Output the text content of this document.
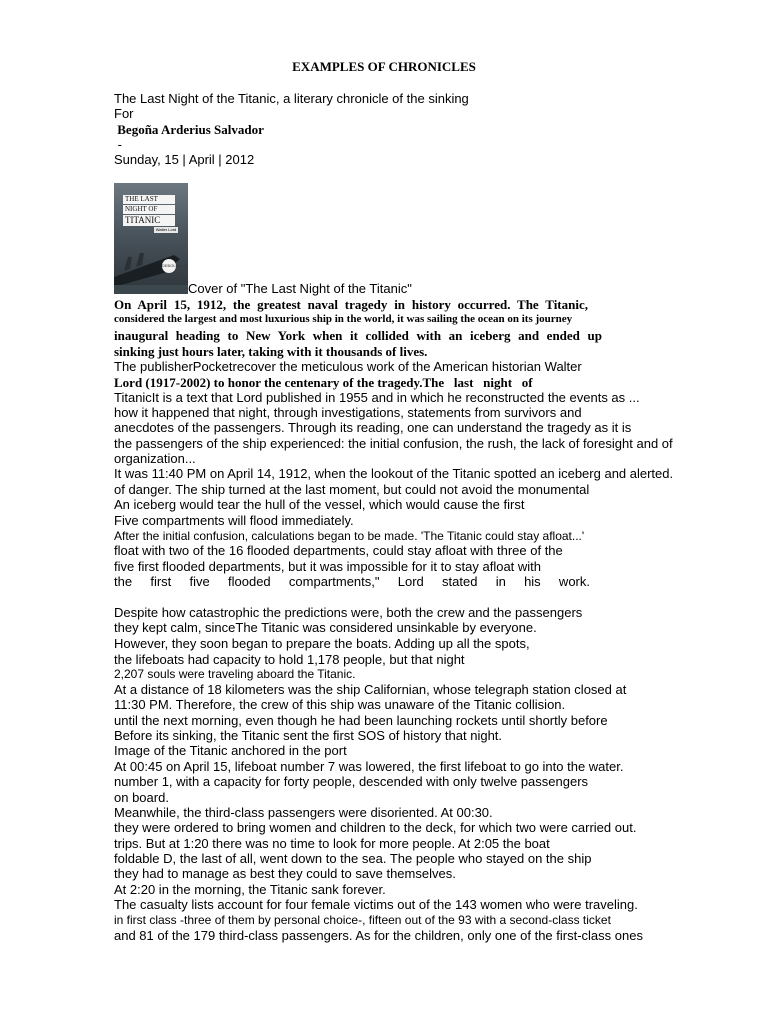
EXAMPLES OF CHRONICLES
The Last Night of the Titanic, a literary chronicle of the sinking
For
Begoña Arderius Salvador
-
Sunday, 15 | April | 2012
THE LAST
NIGHT OF
TITANIC
Walter Lord
DEBOLS!LLO
Cover of "The Last Night of the Titanic"
On April 15, 1912, the greatest naval tragedy in history occurred. The Titanic,
considered the largest and most luxurious ship in the world, it was sailing the ocean on its journey
inaugural heading to New York when it collided with an iceberg and ended up
sinking just hours later, taking with it thousands of lives.
The publisherPocketrecover the meticulous work of the American historian Walter
Lord (1917-2002) to honor the centenary of the tragedy.The   last   night   of
TitanicIt is a text that Lord published in 1955 and in which he reconstructed the events as ...
how it happened that night, through investigations, statements from survivors and
anecdotes of the passengers. Through its reading, one can understand the tragedy as it is
the passengers of the ship experienced: the initial confusion, the rush, the lack of foresight and of
organization...
It was 11:40 PM on April 14, 1912, when the lookout of the Titanic spotted an iceberg and alerted.
of danger. The ship turned at the last moment, but could not avoid the monumental
An iceberg would tear the hull of the vessel, which would cause the first
Five compartments will flood immediately.
After the initial confusion, calculations began to be made. 'The Titanic could stay afloat...'
float with two of the 16 flooded departments, could stay afloat with three of the
five first flooded departments, but it was impossible for it to stay afloat with
the first five flooded compartments," Lord stated in his work.
Despite how catastrophic the predictions were, both the crew and the passengers
they kept calm, sinceThe Titanic was considered unsinkable by everyone.
However, they soon began to prepare the boats. Adding up all the spots,
the lifeboats had capacity to hold 1,178 people, but that night
2,207 souls were traveling aboard the Titanic.
At a distance of 18 kilometers was the ship Californian, whose telegraph station closed at
11:30 PM. Therefore, the crew of this ship was unaware of the Titanic collision.
until the next morning, even though he had been launching rockets until shortly before
Before its sinking, the Titanic sent the first SOS of history that night.
Image of the Titanic anchored in the port
At 00:45 on April 15, lifeboat number 7 was lowered, the first lifeboat to go into the water.
number 1, with a capacity for forty people, descended with only twelve passengers
on board.
Meanwhile, the third-class passengers were disoriented. At 00:30.
they were ordered to bring women and children to the deck, for which two were carried out.
trips. But at 1:20 there was no time to look for more people. At 2:05 the boat
foldable D, the last of all, went down to the sea. The people who stayed on the ship
they had to manage as best they could to save themselves.
At 2:20 in the morning, the Titanic sank forever.
The casualty lists account for four female victims out of the 143 women who were traveling.
in first class -three of them by personal choice-, fifteen out of the 93 with a second-class ticket
and 81 of the 179 third-class passengers. As for the children, only one of the first-class ones
